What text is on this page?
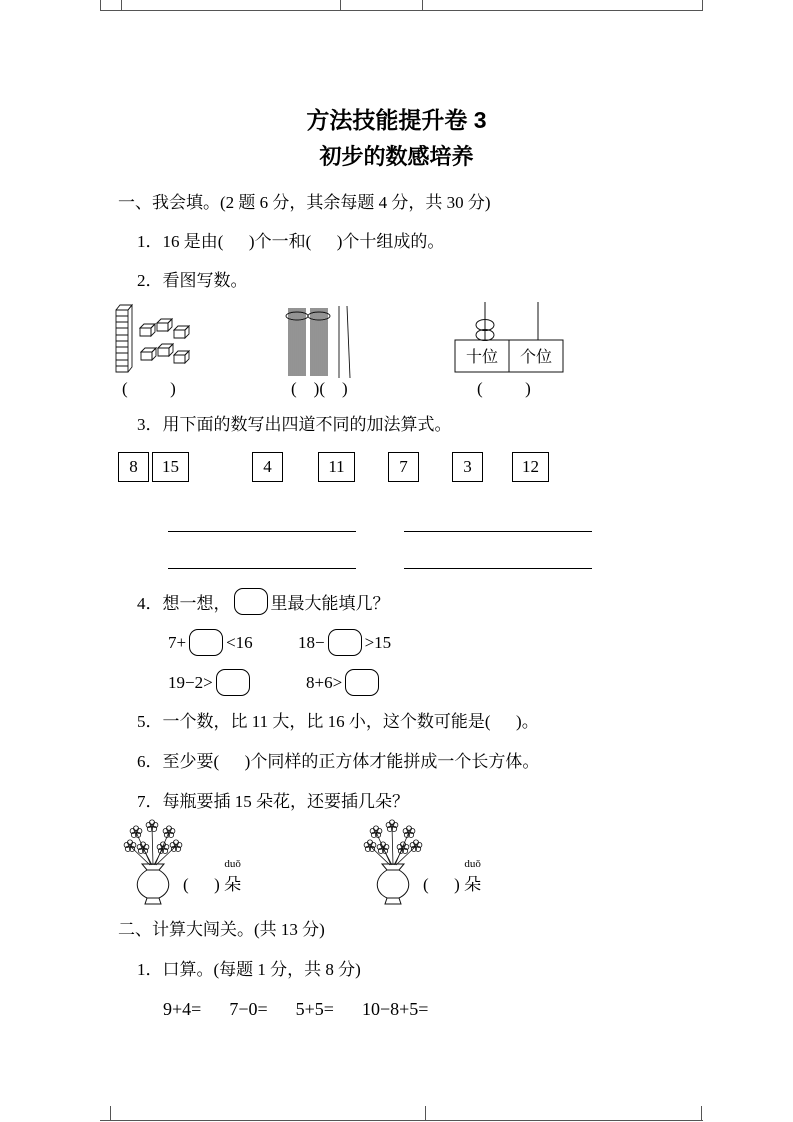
方法技能提升卷 3
初步的数感培养
一、我会填。(2 题 6 分，其余每题 4 分，共 30 分)
1．16 是由(      )个一和(      )个十组成的。
2．看图写数。
(          )	(    )(    )
十位 个位
(          )
3．用下面的数写出四道不同的加法算式。
8	15	4	11	7	3	12
4．想一想， 里最大能填几？
7+ <16	18− >15
19−2>	8+6>
5．一个数，比 11 大，比 16 小，这个数可能是(      )。
6．至少要(      )个同样的正方体才能拼成一个长方体。
7．每瓶要插 15 朵花，还要插几朵？
(      )
duǒ
朵	(      )
duǒ
朵
二、计算大闯关。(共 13 分)
1．口算。(每题 1 分，共 8 分)
9+4= 7−0= 5+5= 10−8+5=
